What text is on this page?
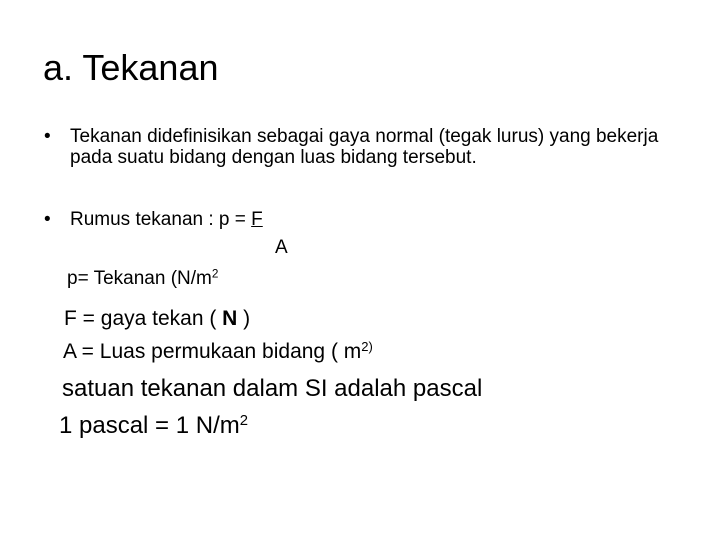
a. Tekanan
• Tekanan didefinisikan sebagai gaya normal (tegak lurus) yang bekerja pada suatu bidang dengan luas bidang tersebut.
• Rumus tekanan : p = F
A
p= Tekanan ($N/m^2$
F = gaya tekan ( N )
A = Luas permukaan bidang ( $m^{2)}$
satuan tekanan dalam SI adalah pascal
1 pascal = 1 $N/m^2$
